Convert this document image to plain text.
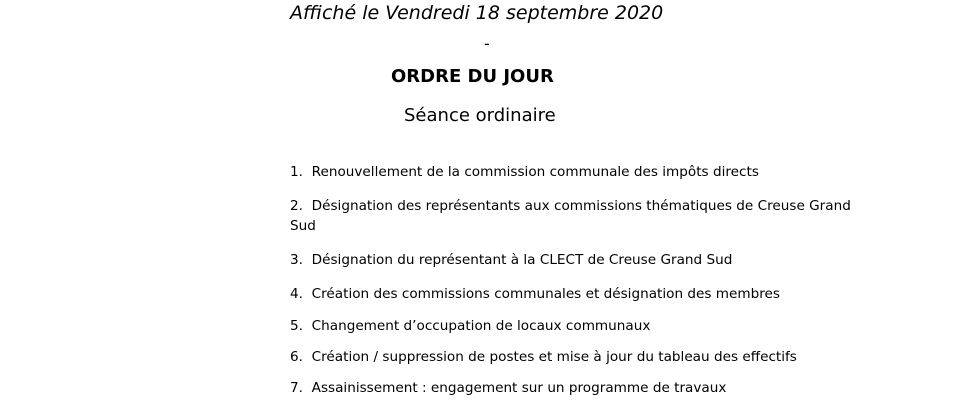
Affiché le Vendredi 18 septembre 2020
-
ORDRE DU JOUR
Séance ordinaire
1. Renouvellement de la commission communale des impôts directs
2. Désignation des représentants aux commissions thématiques de Creuse Grand Sud
3. Désignation du représentant à la CLECT de Creuse Grand Sud
4. Création des commissions communales et désignation des membres
5. Changement d’occupation de locaux communaux
6. Création / suppression de postes et mise à jour du tableau des effectifs
7. Assainissement : engagement sur un programme de travaux
